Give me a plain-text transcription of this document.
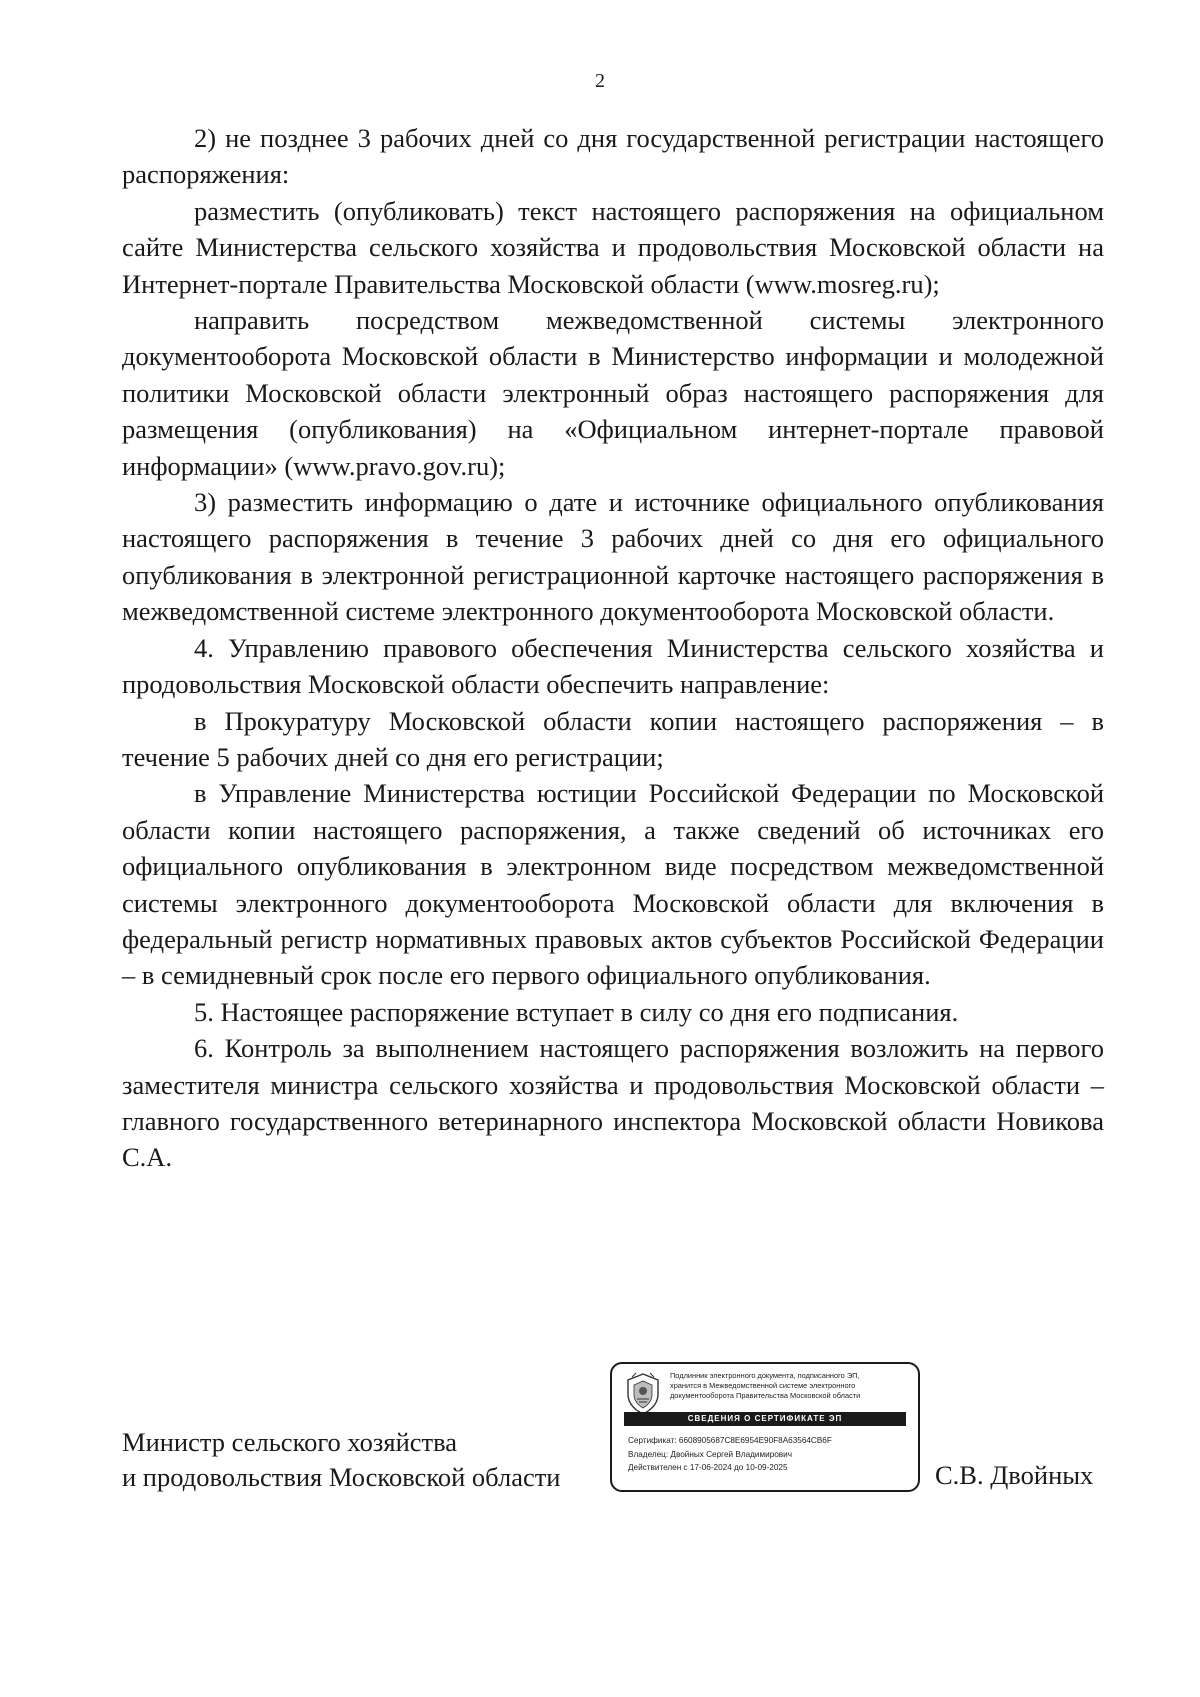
2

2) не позднее 3 рабочих дней со дня государственной регистрации настоящего распоряжения:

разместить (опубликовать) текст настоящего распоряжения на официальном сайте Министерства сельского хозяйства и продовольствия Московской области на Интернет-портале Правительства Московской области (www.mosreg.ru);

направить посредством межведомственной системы электронного документооборота Московской области в Министерство информации и молодежной политики Московской области электронный образ настоящего распоряжения для размещения (опубликования) на «Официальном интернет-портале правовой информации» (www.pravo.gov.ru);

3) разместить информацию о дате и источнике официального опубликования настоящего распоряжения в течение 3 рабочих дней со дня его официального опубликования в электронной регистрационной карточке настоящего распоряжения в межведомственной системе электронного документооборота Московской области.

4. Управлению правового обеспечения Министерства сельского хозяйства и продовольствия Московской области обеспечить направление:

в Прокуратуру Московской области копии настоящего распоряжения – в течение 5 рабочих дней со дня его регистрации;

в Управление Министерства юстиции Российской Федерации по Московской области копии настоящего распоряжения, а также сведений об источниках его официального опубликования в электронном виде посредством межведомственной системы электронного документооборота Московской области для включения в федеральный регистр нормативных правовых актов субъектов Российской Федерации – в семидневный срок после его первого официального опубликования.

5. Настоящее распоряжение вступает в силу со дня его подписания.

6. Контроль за выполнением настоящего распоряжения возложить на первого заместителя министра сельского хозяйства и продовольствия Московской области – главного государственного ветеринарного инспектора Московской области Новикова С.А.

Министр сельского хозяйства
и продовольствия Московской области
Подлинник электронного документа, подписанного ЭП,
хранится в Межведомственной системе электронного
документооборота Правительства Московской области
СВЕДЕНИЯ О СЕРТИФИКАТЕ ЭП
Сертификат: 6608905687C8E6954E90F8A63564CB6F
Владелец: Двойных Сергей Владимирович
Действителен с 17-06-2024 до 10-09-2025	С.В. Двойных
